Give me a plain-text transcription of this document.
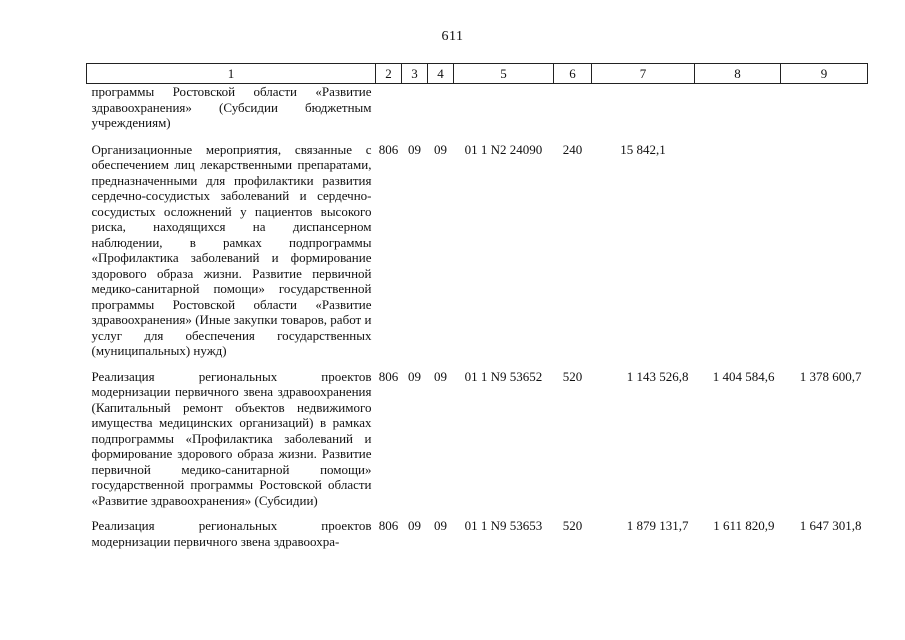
611
1	2	3	4	5	6	7	8	9
программы Ростовской области «Развитие здравоохранения» (Субсидии бюджетным учреждениям)								
Организационные мероприятия, связанные с обеспечением лиц лекарственными препаратами, предназначенными для профилактики развития сердечно-сосудистых заболеваний и сердечно-сосудистых осложнений у пациентов высокого риска, находящихся на диспансерном наблюдении, в рамках подпрограммы «Профилактика заболеваний и формирование здорового образа жизни. Развитие первичной медико-санитарной помощи» государственной программы Ростовской области «Развитие здравоохранения» (Иные закупки товаров, работ и услуг для обеспечения государственных (муниципальных) нужд)	806	09	09	01 1 N2 24090	240	15 842,1		
Реализация региональных проектов модернизации первичного звена здравоохранения (Капитальный ремонт объектов недвижимого имущества медицинских организаций) в рамках подпрограммы «Профилактика заболеваний и формирование здорового образа жизни. Развитие первичной медико-санитарной помощи» государственной программы Ростовской области «Развитие здравоохранения» (Субсидии)	806	09	09	01 1 N9 53652	520	1 143 526,8	1 404 584,6	1 378 600,7
Реализация региональных проектов модернизации первичного звена здравоохра-	806	09	09	01 1 N9 53653	520	1 879 131,7	1 611 820,9	1 647 301,8
